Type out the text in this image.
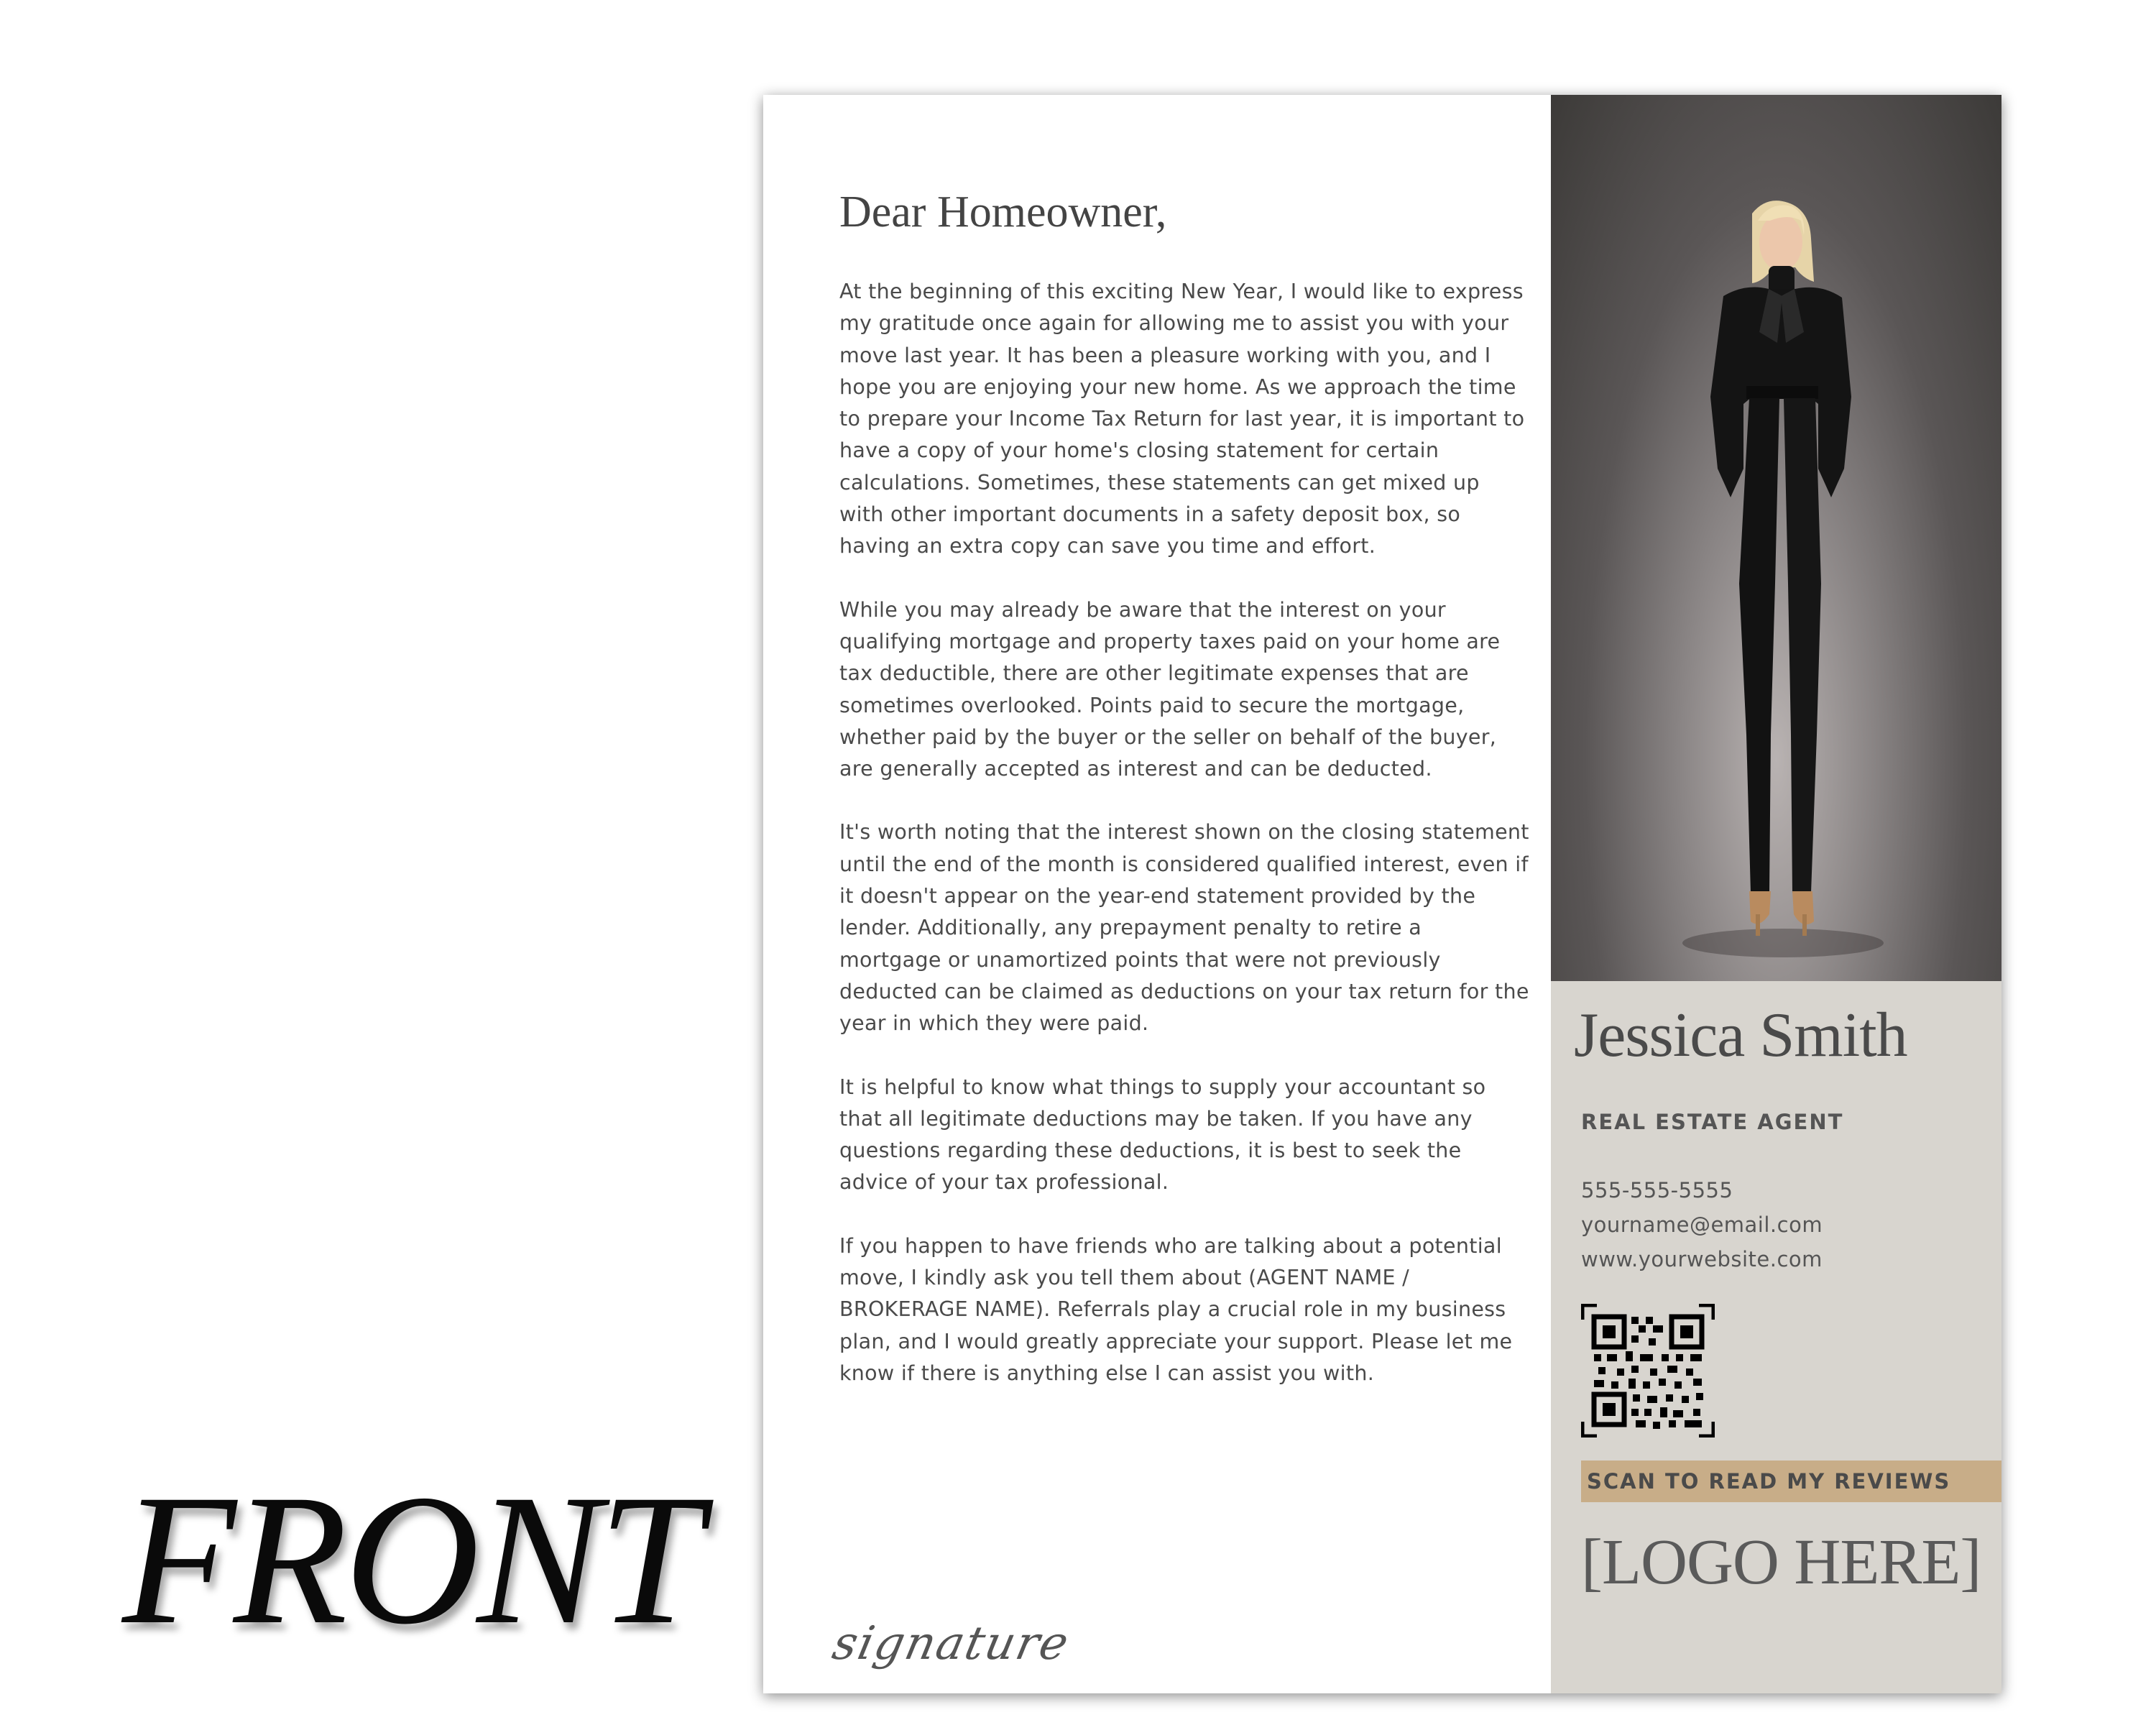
FRONT
Dear Homeowner,

At the beginning of this exciting New Year, I would like to express my gratitude once again for allowing me to assist you with your move last year. It has been a pleasure working with you, and I hope you are enjoying your new home. As we approach the time to prepare your Income Tax Return for last year, it is important to have a copy of your home's closing statement for certain calculations. Sometimes, these statements can get mixed up with other important documents in a safety deposit box, so having an extra copy can save you time and effort.

While you may already be aware that the interest on your qualifying mortgage and property taxes paid on your home are tax deductible, there are other legitimate expenses that are sometimes overlooked. Points paid to secure the mortgage, whether paid by the buyer or the seller on behalf of the buyer, are generally accepted as interest and can be deducted.

It's worth noting that the interest shown on the closing statement until the end of the month is considered qualified interest, even if it doesn't appear on the year-end statement provided by the lender. Additionally, any prepayment penalty to retire a mortgage or unamortized points that were not previously deducted can be claimed as deductions on your tax return for the year in which they were paid.

It is helpful to know what things to supply your accountant so that all legitimate deductions may be taken. If you have any questions regarding these deductions, it is best to seek the advice of your tax professional.

If you happen to have friends who are talking about a potential move, I kindly ask you tell them about (AGENT NAME / BROKERAGE NAME). Referrals play a crucial role in my business plan, and I would greatly appreciate your support. Please let me know if there is anything else I can assist you with.

signature
Jessica Smith
REAL ESTATE AGENT
555-555-5555
yourname@email.com
www.yourwebsite.com
SCAN TO READ MY REVIEWS
[LOGO HERE]
